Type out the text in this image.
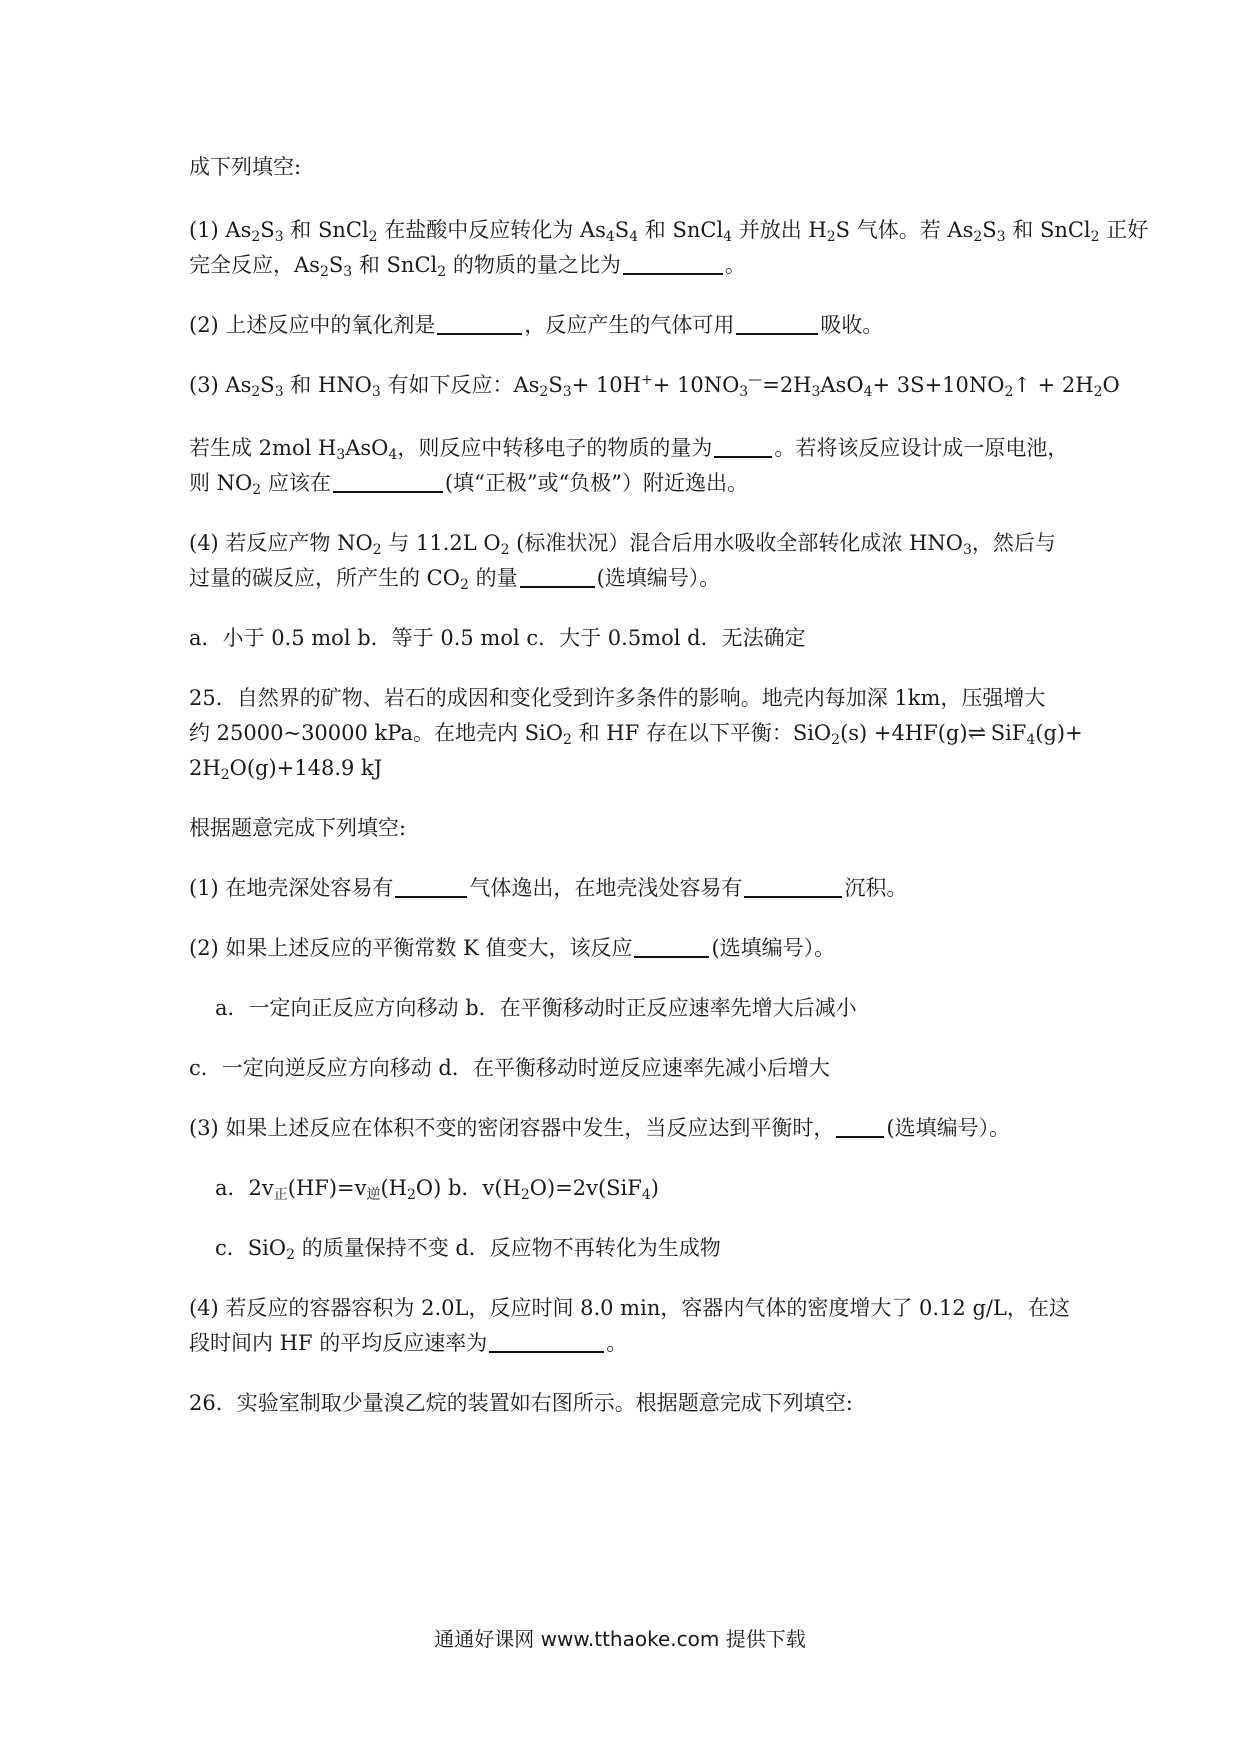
成下列填空:
(1) $As_2S_3$ 和 SnCl$_2$ 在盐酸中反应转化为 $As_4S_4$ 和 SnCl$_4$ 并放出 $H_2S$ 气体。若 $As_2S_3$ 和 SnCl$_2$ 正好
完全反应，$As_2S_3$ 和 SnCl$_2$ 的物质的量之比为	。
(2) 上述反应中的氧化剂是	，反应产生的气体可用	吸收。
(3) $As_2S_3$ 和 $HNO_3$ 有如下反应：$As_2S_3+ 10H^++ 10NO_3^—=2H_3AsO_4+$ $3S+10NO_2↑ + 2H_2O$
若生成 2mol $H_3AsO_4$，则反应中转移电子的物质的量为	。若将该反应设计成一原电池，
则 $NO_2$ 应该在	(填“正极”或“负极”）附近逸出。
(4) 若反应产物 $NO_2$ 与 11.2L $O_2$ (标准状况）混合后用水吸收全部转化成浓 $HNO_3$，然后与
过量的碳反应，所产生的 $CO_2$ 的量	(选填编号）。
a．小于 0.5 mol b．等于 0.5 mol c．大于 0.5mol d．无法确定
25．自然界的矿物、岩石的成因和变化受到许多条件的影响。地壳内每加深 1km，压强增大
约 25000~30000 kPa。在地壳内 SiO$_2$ 和 HF 存在以下平衡：SiO$_2$(s) +4HF(g)⇌ SiF$_4$(g)+
$2H_2O(g)+148.9$ kJ
根据题意完成下列填空:
(1) 在地壳深处容易有	气体逸出，在地壳浅处容易有	沉积。
(2) 如果上述反应的平衡常数 K 值变大，该反应	(选填编号）。
a．一定向正反应方向移动 b．在平衡移动时正反应速率先增大后减小
c．一定向逆反应方向移动 d．在平衡移动时逆反应速率先减小后增大
(3) 如果上述反应在体积不变的密闭容器中发生，当反应达到平衡时， (选填编号）。
a．$2v_正(HF)=v_逆(H_2O)$ b．$v(H_2O)=2v(SiF_4)$
c．SiO$_2$ 的质量保持不变 d．反应物不再转化为生成物
(4) 若反应的容器容积为 2.0L，反应时间 8.0 min，容器内气体的密度增大了 0.12 g/L，在这
段时间内 HF 的平均反应速率为	。
26．实验室制取少量溴乙烷的装置如右图所示。根据题意完成下列填空:
通通好课网 www.tthaoke.com 提供下载
